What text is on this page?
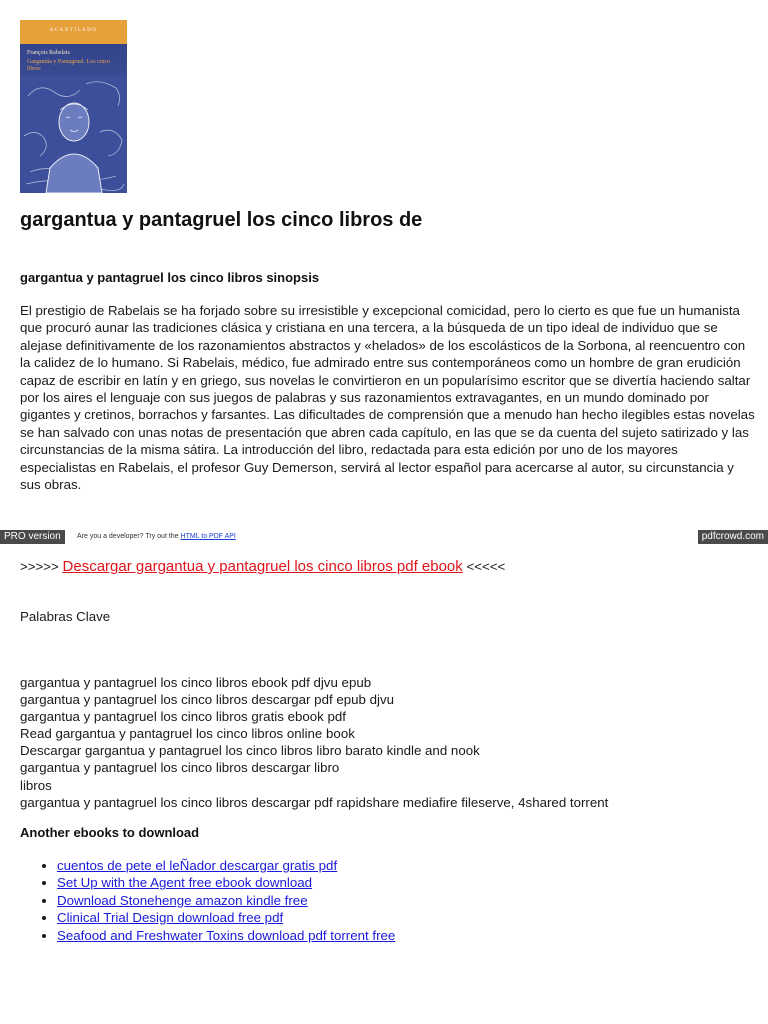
ACANTILADO
François Rabelais
Gargantúa y Pantagruel. Los cinco libros
gargantua y pantagruel los cinco libros de
gargantua y pantagruel los cinco libros sinopsis

El prestigio de Rabelais se ha forjado sobre su irresistible y excepcional comicidad, pero lo cierto es que fue un humanista que procuró aunar las tradiciones clásica y cristiana en una tercera, a la búsqueda de un tipo ideal de individuo que se alejase definitivamente de los razonamientos abstractos y «helados» de los escolásticos de la Sorbona, al reencuentro con la calidez de lo humano. Si Rabelais, médico, fue admirado entre sus contemporáneos como un hombre de gran erudición capaz de escribir en latín y en griego, sus novelas le convirtieron en un popularísimo escritor que se divertía haciendo saltar por los aires el lenguaje con sus juegos de palabras y sus razonamientos extravagantes, en un mundo dominado por gigantes y cretinos, borrachos y farsantes. Las dificultades de comprensión que a menudo han hecho ilegibles estas novelas se han salvado con unas notas de presentación que abren cada capítulo, en las que se da cuenta del sujeto satirizado y las circunstancias de la misma sátira. La introducción del libro, redactada para esta edición por uno de los mayores especialistas en Rabelais, el profesor Guy Demerson, servirá al lector español para acercarse al autor, su circunstancia y sus obras.

PRO version	Are you a developer? Try out the HTML to PDF API	pdfcrowd.com
>>>>> Descargar gargantua y pantagruel los cinco libros pdf ebook <<<<<
Palabras Clave
gargantua y pantagruel los cinco libros ebook pdf djvu epub
gargantua y pantagruel los cinco libros descargar pdf epub djvu
gargantua y pantagruel los cinco libros gratis ebook pdf
Read gargantua y pantagruel los cinco libros online book
Descargar gargantua y pantagruel los cinco libros libro barato kindle and nook
gargantua y pantagruel los cinco libros descargar libro
libros
gargantua y pantagruel los cinco libros descargar pdf rapidshare mediafire fileserve, 4shared torrent
Another ebooks to download
• cuentos de pete el leÑador descargar gratis pdf
• Set Up with the Agent free ebook download
• Download Stonehenge amazon kindle free
• Clinical Trial Design download free pdf
• Seafood and Freshwater Toxins download pdf torrent free
